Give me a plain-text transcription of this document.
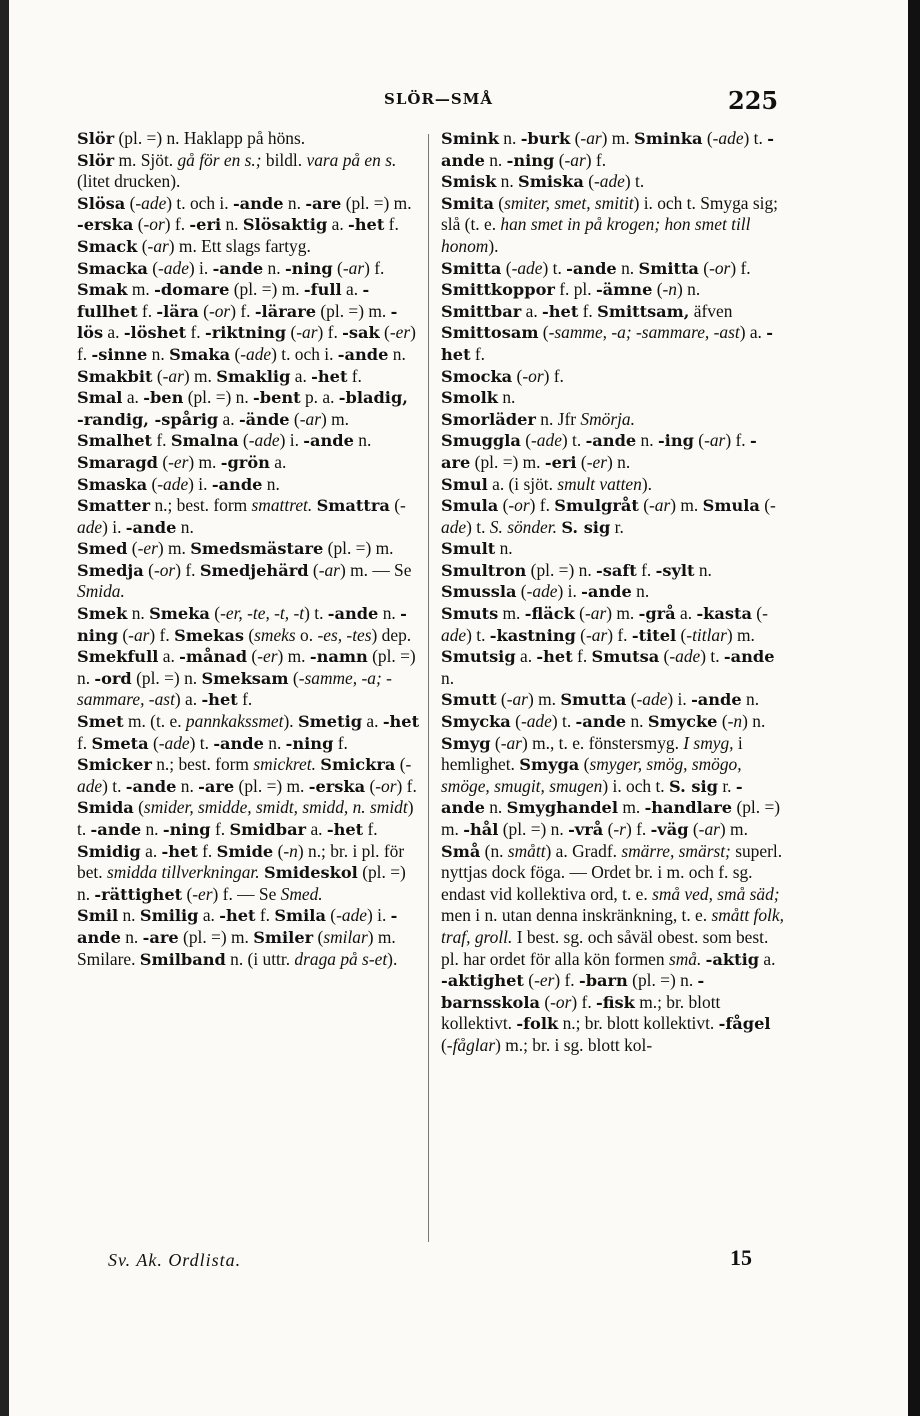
SLÖR—SMÅ	225

Slör (pl. =) n. Haklapp på höns.

Slör m. Sjöt. gå för en s.; bildl. vara på en s. (litet drucken).

Slösa (-ade) t. och i. -ande n. -are (pl. =) m. -erska (-or) f. -eri n. Slösaktig a. -het f.

Smack (-ar) m. Ett slags fartyg.

Smacka (-ade) i. -ande n. -ning (-ar) f.

Smak m. -domare (pl. =) m. -full a. -fullhet f. -lära (-or) f. -lärare (pl. =) m. -lös a. -löshet f. -riktning (-ar) f. -sak (-er) f. -sinne n. Smaka (-ade) t. och i. -ande n. Smakbit (-ar) m. Smaklig a. -het f.

Smal a. -ben (pl. =) n. -bent p. a. -bladig, -randig, -spårig a. -ände (-ar) m. Smalhet f. Smalna (-ade) i. -ande n.

Smaragd (-er) m. -grön a.

Smaska (-ade) i. -ande n.

Smatter n.; best. form smattret. Smattra (-ade) i. -ande n.

Smed (-er) m. Smedsmästare (pl. =) m. Smedja (-or) f. Smedjehärd (-ar) m. — Se Smida.

Smek n. Smeka (-er, -te, -t, -t) t. -ande n. -ning (-ar) f. Smekas (smeks o. -es, -tes) dep. Smekfull a. -månad (-er) m. -namn (pl. =) n. -ord (pl. =) n. Smeksam (-samme, -a; -sammare, -ast) a. -het f.

Smet m. (t. e. pannkakssmet). Smetig a. -het f. Smeta (-ade) t. -ande n. -ning f.

Smicker n.; best. form smickret. Smickra (-ade) t. -ande n. -are (pl. =) m. -erska (-or) f.

Smida (smider, smidde, smidt, smidd, n. smidt) t. -ande n. -ning f. Smidbar a. -het f. Smidig a. -het f. Smide (-n) n.; br. i pl. för bet. smidda tillverkningar. Smideskol (pl. =) n. -rättighet (-er) f. — Se Smed.

Smil n. Smilig a. -het f. Smila (-ade) i. -ande n. -are (pl. =) m. Smiler (smilar) m. Smilare. Smilband n. (i uttr. draga på s-et).

Smink n. -burk (-ar) m. Sminka (-ade) t. -ande n. -ning (-ar) f.

Smisk n. Smiska (-ade) t.

Smita (smiter, smet, smitit) i. och t. Smyga sig; slå (t. e. han smet in på krogen; hon smet till honom).

Smitta (-ade) t. -ande n. Smitta (-or) f. Smittkoppor f. pl. -ämne (-n) n. Smittbar a. -het f. Smittsam, äfven Smittosam (-samme, -a; -sammare, -ast) a. -het f.

Smocka (-or) f.

Smolk n.

Smorläder n. Jfr Smörja.

Smuggla (-ade) t. -ande n. -ing (-ar) f. -are (pl. =) m. -eri (-er) n.

Smul a. (i sjöt. smult vatten).

Smula (-or) f. Smulgråt (-ar) m. Smula (-ade) t. S. sönder. S. sig r.

Smult n.

Smultron (pl. =) n. -saft f. -sylt n.

Smussla (-ade) i. -ande n.

Smuts m. -fläck (-ar) m. -grå a. -kasta (-ade) t. -kastning (-ar) f. -titel (-titlar) m. Smutsig a. -het f. Smutsa (-ade) t. -ande n.

Smutt (-ar) m. Smutta (-ade) i. -ande n.

Smycka (-ade) t. -ande n. Smycke (-n) n.

Smyg (-ar) m., t. e. fönstersmyg. I smyg, i hemlighet. Smyga (smyger, smög, smögo, smöge, smugit, smugen) i. och t. S. sig r. -ande n. Smyghandel m. -handlare (pl. =) m. -hål (pl. =) n. -vrå (-r) f. -väg (-ar) m.

Små (n. smått) a. Gradf. smärre, smärst; superl. nyttjas dock föga. — Ordet br. i m. och f. sg. endast vid kollektiva ord, t. e. små ved, små säd; men i n. utan denna inskränkning, t. e. smått folk, traf, groll. I best. sg. och såväl obest. som best. pl. har ordet för alla kön formen små. -aktig a. -aktighet (-er) f. -barn (pl. =) n. -barnsskola (-or) f. -fisk m.; br. blott kollektivt. -folk n.; br. blott kollektivt. -fågel (-fåglar) m.; br. i sg. blott kol-

Sv. Ak. Ordlista.	15
